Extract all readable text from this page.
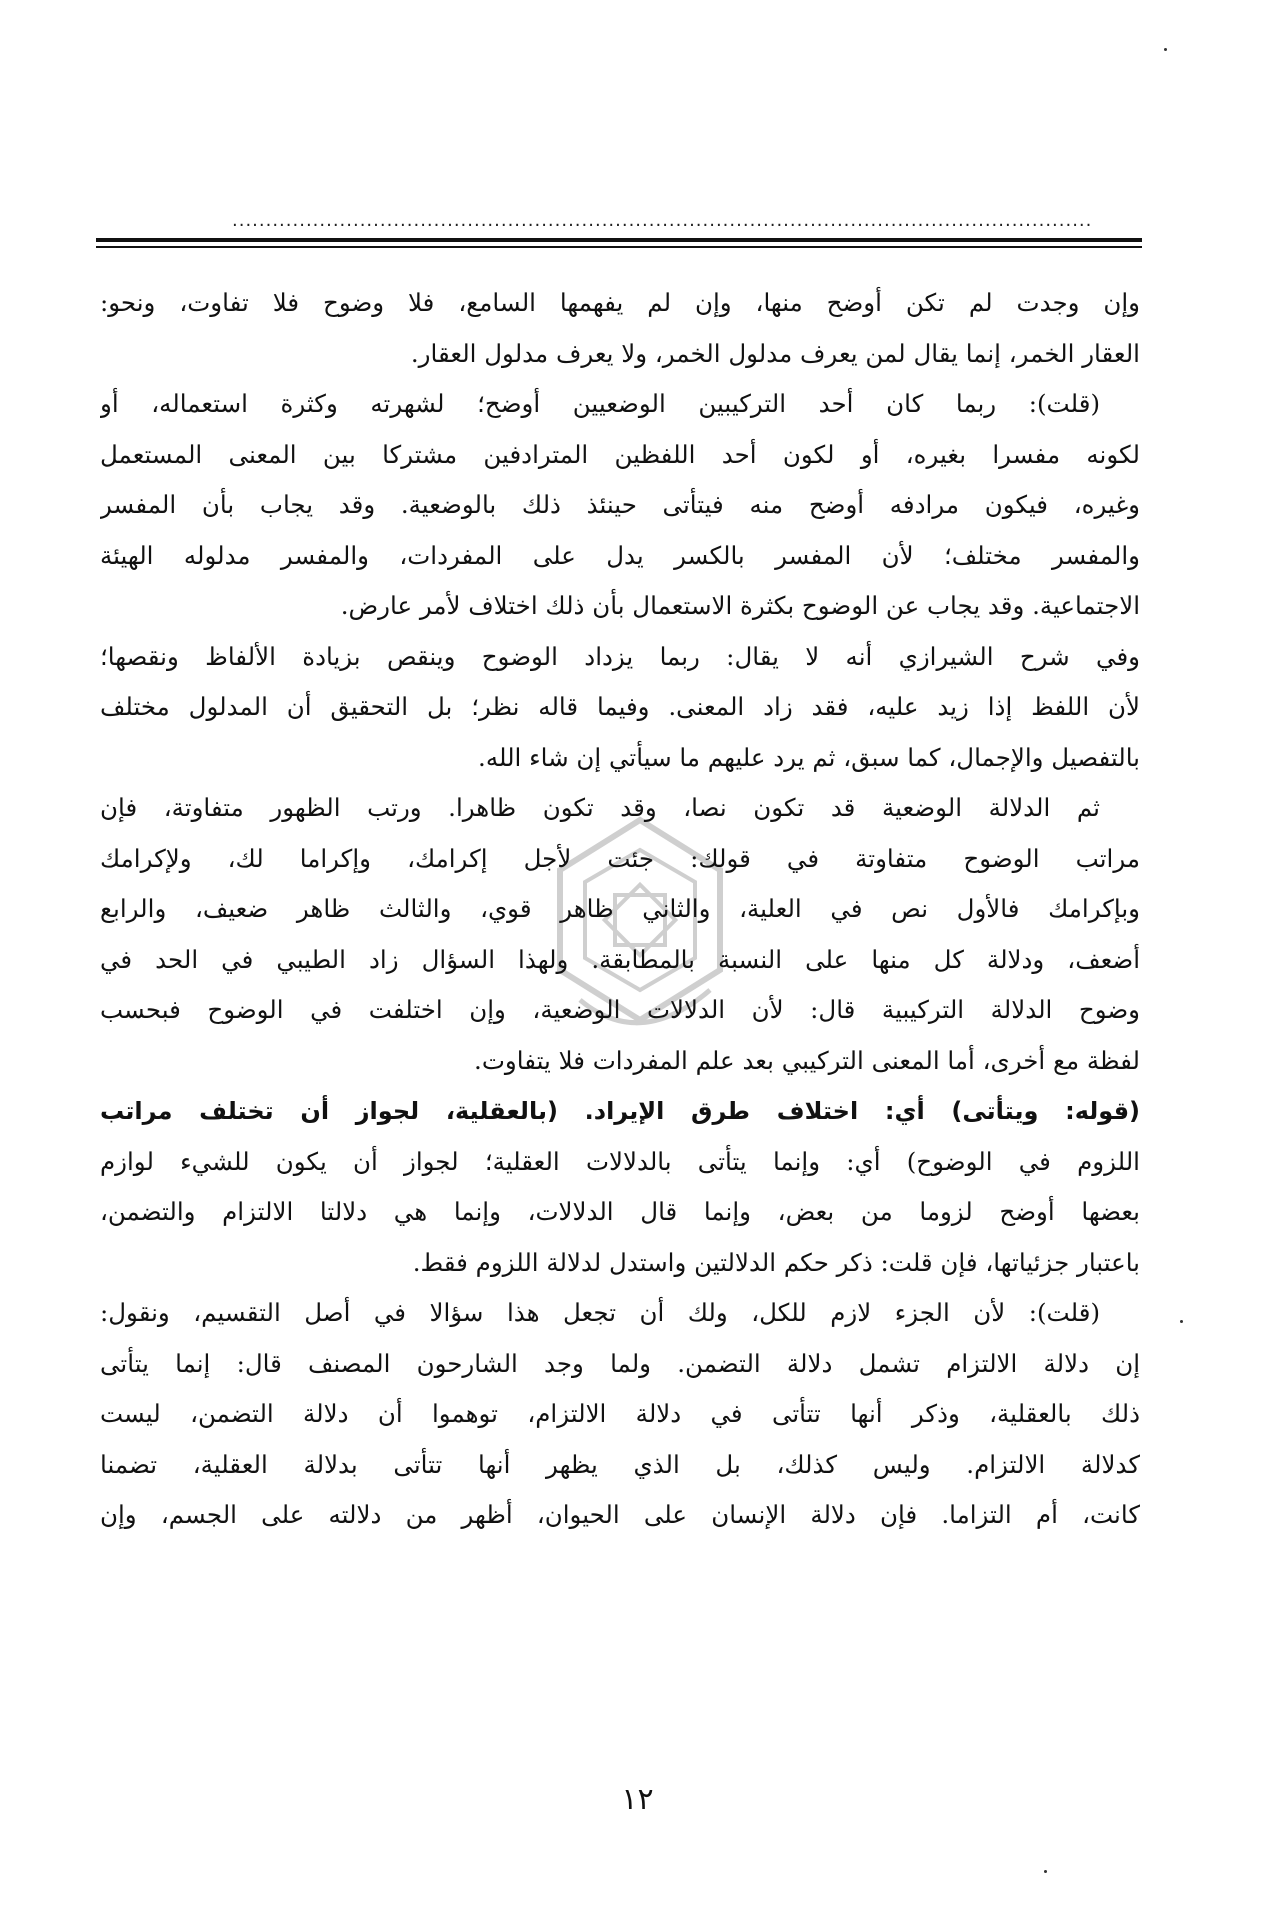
................................................................................................................................
وإن وجدت لم تكن أوضح منها، وإن لم يفهمها السامع، فلا وضوح فلا تفاوت، ونحو:
العقار الخمر، إنما يقال لمن يعرف مدلول الخمر، ولا يعرف مدلول العقار.
(قلت): ربما كان أحد التركيبين الوضعيين أوضح؛ لشهرته وكثرة استعماله، أو
لكونه مفسرا بغيره، أو لكون أحد اللفظين المترادفين مشتركا بين المعنى المستعمل
وغيره، فيكون مرادفه أوضح منه فيتأتى حينئذ ذلك بالوضعية. وقد يجاب بأن المفسر
والمفسر مختلف؛ لأن المفسر بالكسر يدل على المفردات، والمفسر مدلوله الهيئة
الاجتماعية. وقد يجاب عن الوضوح بكثرة الاستعمال بأن ذلك اختلاف لأمر عارض.
وفي شرح الشيرازي أنه لا يقال: ربما يزداد الوضوح وينقص بزيادة الألفاظ ونقصها؛
لأن اللفظ إذا زيد عليه، فقد زاد المعنى. وفيما قاله نظر؛ بل التحقيق أن المدلول مختلف
بالتفصيل والإجمال، كما سبق، ثم يرد عليهم ما سيأتي إن شاء الله.
ثم الدلالة الوضعية قد تكون نصا، وقد تكون ظاهرا. ورتب الظهور متفاوتة، فإن
مراتب الوضوح متفاوتة في قولك: جئت لأجل إكرامك، وإكراما لك، ولإكرامك
وبإكرامك فالأول نص في العلية، والثاني ظاهر قوي، والثالث ظاهر ضعيف، والرابع
أضعف، ودلالة كل منها على النسبة بالمطابقة. ولهذا السؤال زاد الطيبي في الحد في
وضوح الدلالة التركيبية قال: لأن الدلالات الوضعية، وإن اختلفت في الوضوح فبحسب
لفظة مع أخرى، أما المعنى التركيبي بعد علم المفردات فلا يتفاوت.
(قوله: ويتأتى) أي: اختلاف طرق الإيراد. (بالعقلية، لجواز أن تختلف مراتب
اللزوم في الوضوح) أي: وإنما يتأتى بالدلالات العقلية؛ لجواز أن يكون للشيء لوازم
بعضها أوضح لزوما من بعض، وإنما قال الدلالات، وإنما هي دلالتا الالتزام والتضمن،
باعتبار جزئياتها، فإن قلت: ذكر حكم الدلالتين واستدل لدلالة اللزوم فقط.
(قلت): لأن الجزء لازم للكل، ولك أن تجعل هذا سؤالا في أصل التقسيم، ونقول:
إن دلالة الالتزام تشمل دلالة التضمن. ولما وجد الشارحون المصنف قال: إنما يتأتى
ذلك بالعقلية، وذكر أنها تتأتى في دلالة الالتزام، توهموا أن دلالة التضمن، ليست
كدلالة الالتزام. وليس كذلك، بل الذي يظهر أنها تتأتى بدلالة العقلية، تضمنا
كانت، أم التزاما. فإن دلالة الإنسان على الحيوان، أظهر من دلالته على الجسم، وإن
١٢
